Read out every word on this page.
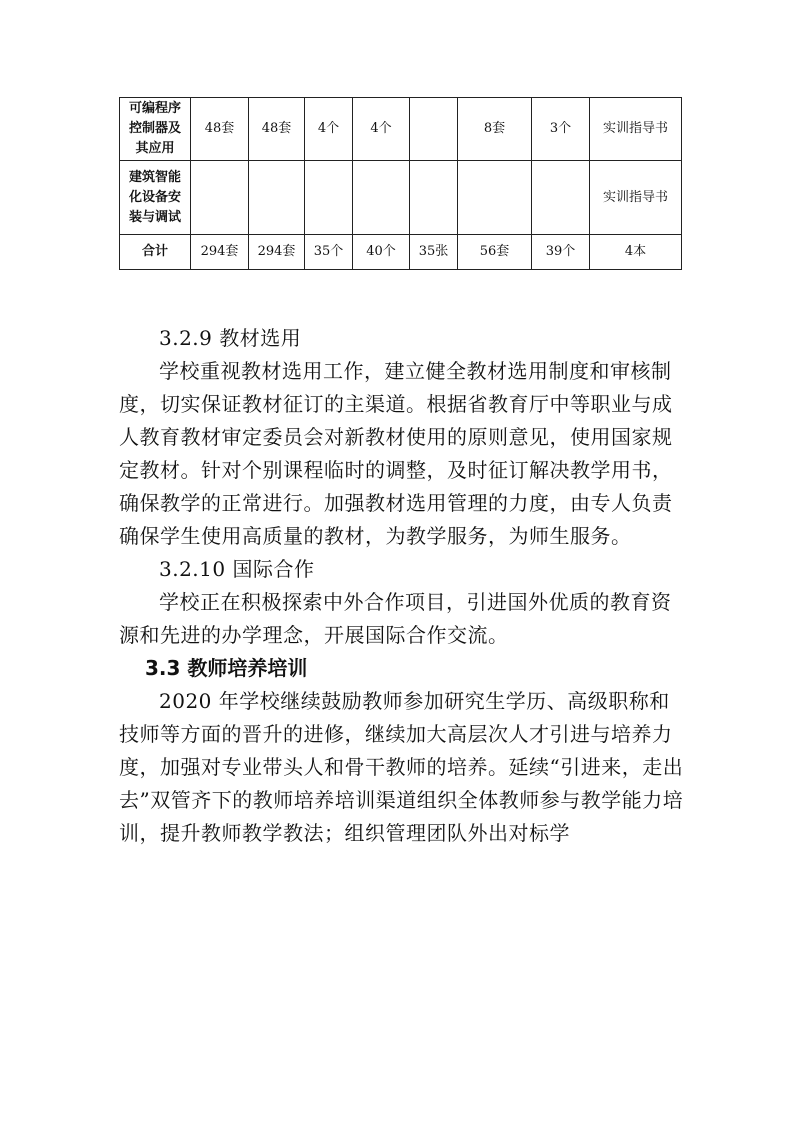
可编程序
控制器及
其应用	48套	48套	4个	4个		8套	3个	实训指导书

建筑智能
化设备安
装与调试								实训指导书
合计	294套	294套	35个	40个	35张	56套	39个	4本

3.2.9 教材选用

学校重视教材选用工作，建立健全教材选用制度和审核制度，切实保证教材征订的主渠道。根据省教育厅中等职业与成人教育教材审定委员会对新教材使用的原则意见，使用国家规定教材。针对个别课程临时的调整，及时征订解决教学用书，确保教学的正常进行。加强教材选用管理的力度，由专人负责确保学生使用高质量的教材，为教学服务，为师生服务。

3.2.10 国际合作

学校正在积极探索中外合作项目，引进国外优质的教育资源和先进的办学理念，开展国际合作交流。

3.3 教师培养培训

2020 年学校继续鼓励教师参加研究生学历、高级职称和技师等方面的晋升的进修，继续加大高层次人才引进与培养力度，加强对专业带头人和骨干教师的培养。延续“引进来，走出去”双管齐下的教师培养培训渠道组织全体教师参与教学能力培训，提升教师教学教法；组织管理团队外出对标学
